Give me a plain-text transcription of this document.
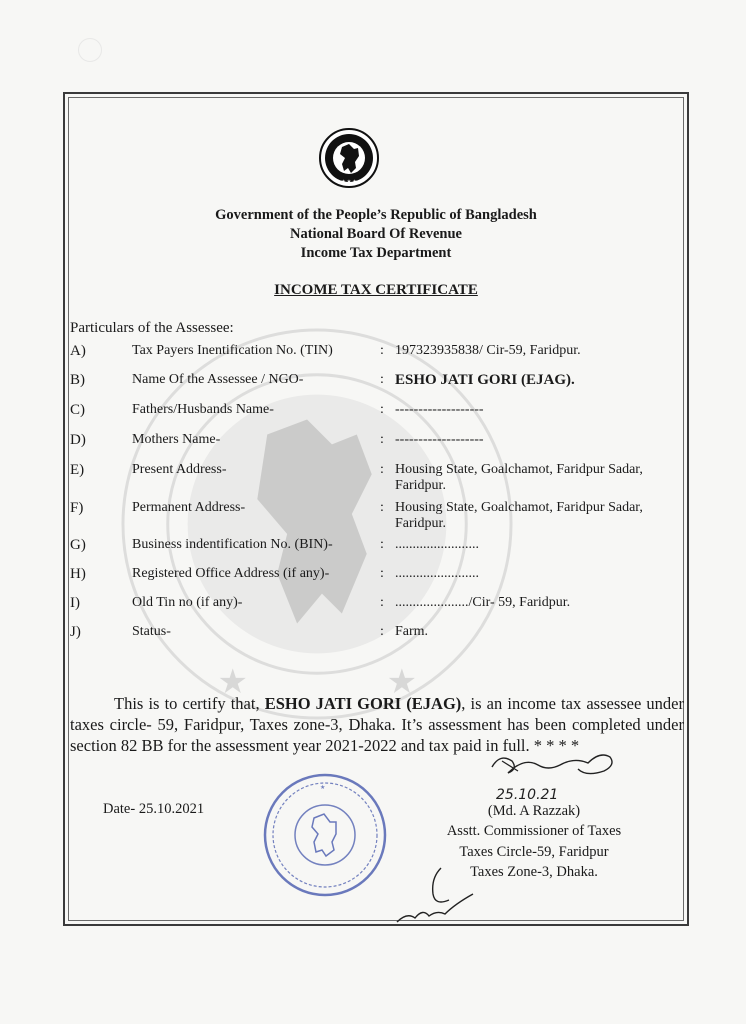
★	★
★ ★ ★
Government of the People’s Republic of Bangladesh
National Board Of Revenue
Income Tax Department
INCOME TAX CERTIFICATE
Particulars of the Assessee:
A)	Tax Payers Inentification No. (TIN)	: 197323935838/ Cir-59, Faridpur.
B)	Name Of the Assessee / NGO-	: ESHO JATI GORI (EJAG).
C)	Fathers/Husbands Name-	: -------------------
D)	Mothers Name-	: -------------------
E)	Present Address-	: Housing State, Goalchamot, Faridpur Sadar, Faridpur.
F)	Permanent Address-	: Housing State, Goalchamot, Faridpur Sadar, Faridpur.
G)	Business indentification No. (BIN)-	: ........................
H)	Registered Office Address (if any)-	: ........................
I)	Old Tin no (if any)-	: ...................../Cir- 59, Faridpur.
J)	Status-	: Farm.

This is to certify that, ESHO JATI GORI (EJAG), is an income tax assessee under taxes circle- 59, Faridpur, Taxes zone-3, Dhaka. It’s assessment has been completed under section 82 BB for the assessment year 2021-2022 and tax paid in full. * * * *

Date- 25.10.2021
★	25.10.21
(Md. A Razzak)
Asstt. Commissioner of Taxes
Taxes Circle-59, Faridpur
Taxes Zone-3, Dhaka.
